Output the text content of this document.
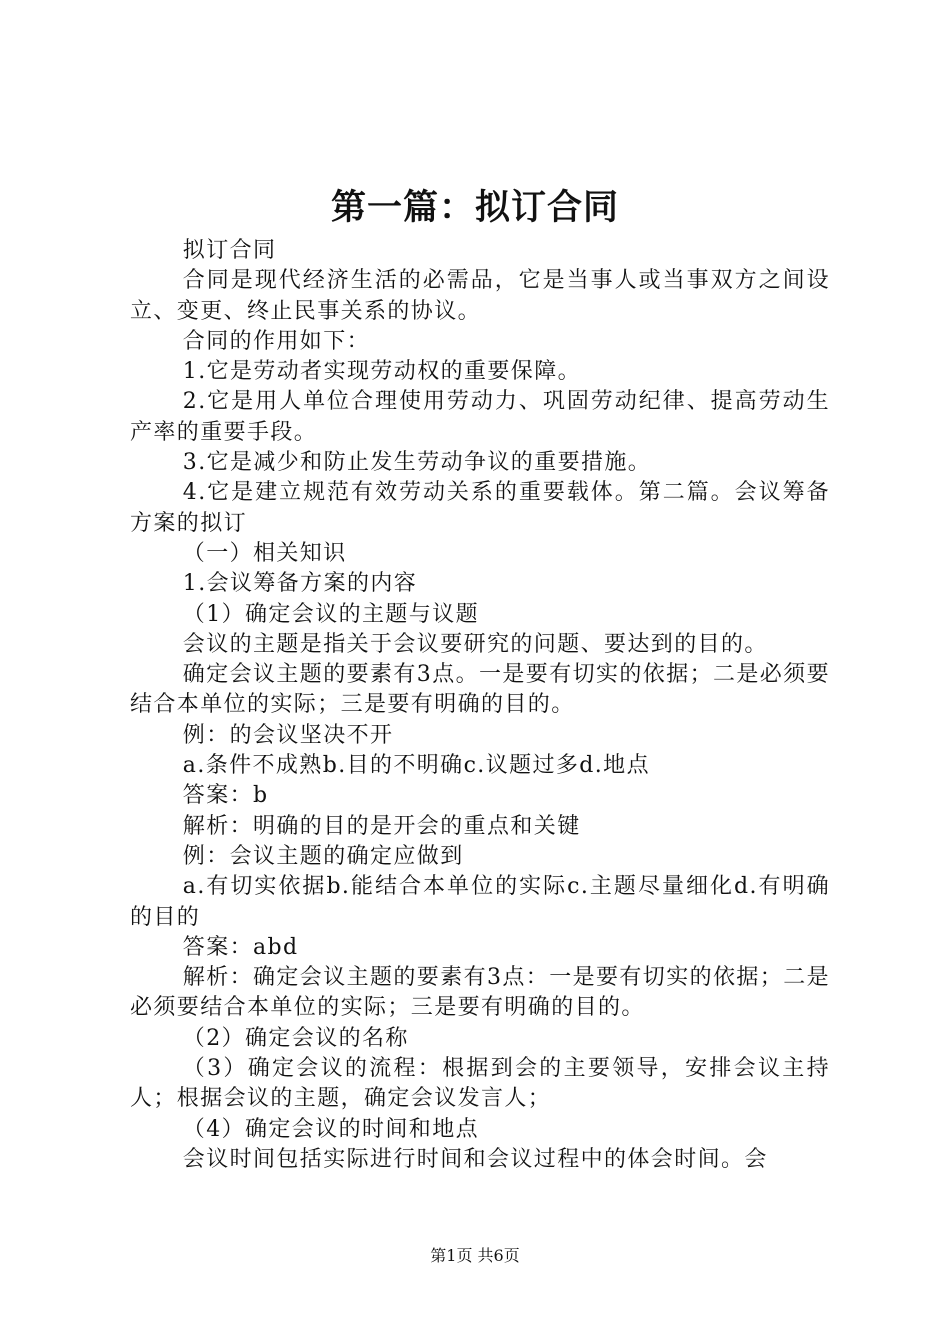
第一篇：拟订合同

拟订合同

合同是现代经济生活的必需品，它是当事人或当事双方之间设立、变更、终止民事关系的协议。

合同的作用如下：

1.它是劳动者实现劳动权的重要保障。

2.它是用人单位合理使用劳动力、巩固劳动纪律、提高劳动生产率的重要手段。

3.它是减少和防止发生劳动争议的重要措施。

4.它是建立规范有效劳动关系的重要载体。第二篇。会议筹备方案的拟订

（一）相关知识

1.会议筹备方案的内容

（1）确定会议的主题与议题

会议的主题是指关于会议要研究的问题、要达到的目的。

确定会议主题的要素有3点。一是要有切实的依据；二是必须要结合本单位的实际；三是要有明确的目的。

例：的会议坚决不开

a.条件不成熟b.目的不明确c.议题过多d.地点

答案：b

解析：明确的目的是开会的重点和关键

例：会议主题的确定应做到

a.有切实依据b.能结合本单位的实际c.主题尽量细化d.有明确的目的

答案：abd

解析：确定会议主题的要素有3点：一是要有切实的依据；二是必须要结合本单位的实际；三是要有明确的目的。

（2）确定会议的名称

（3）确定会议的流程：根据到会的主要领导，安排会议主持人；根据会议的主题，确定会议发言人；

（4）确定会议的时间和地点

会议时间包括实际进行时间和会议过程中的体会时间。会

第1页 共6页
